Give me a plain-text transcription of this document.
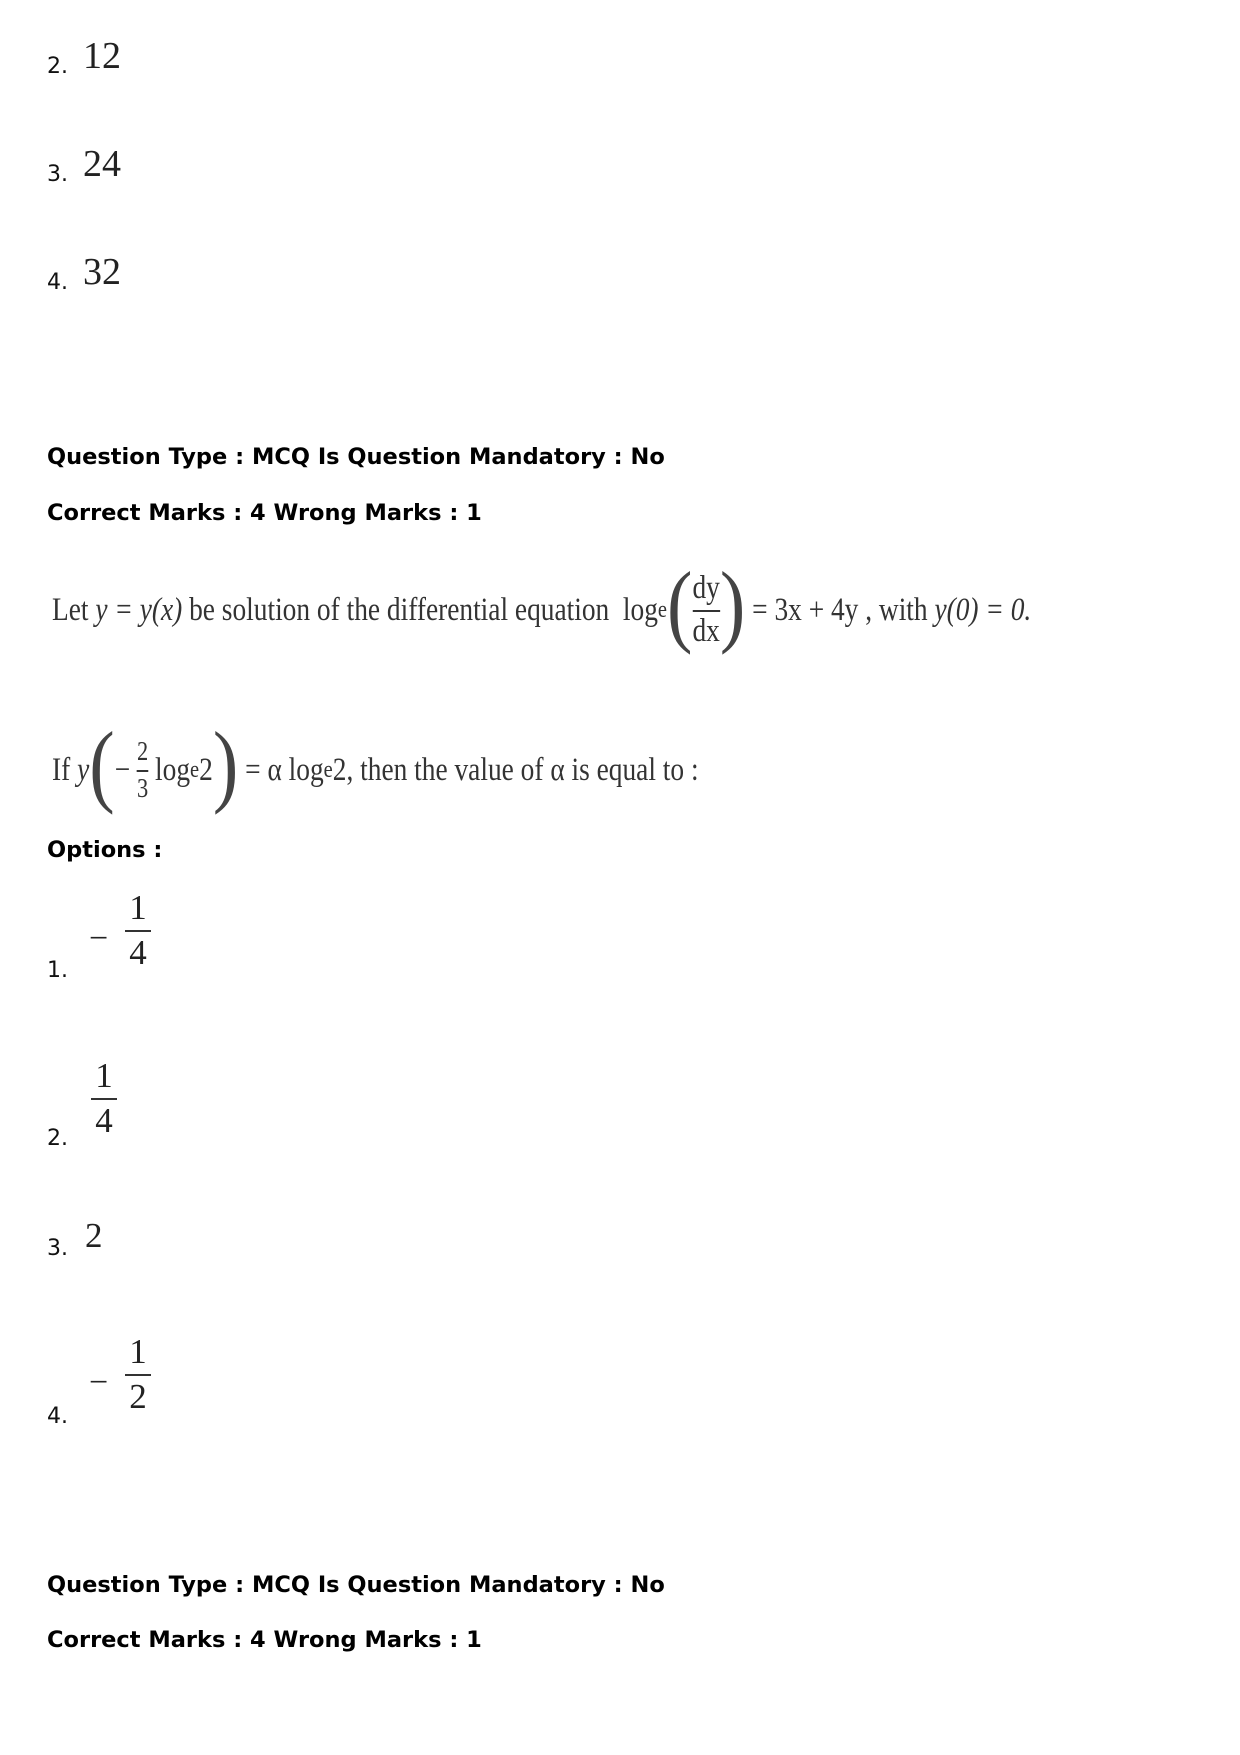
2. 12
3. 24
4. 32
Question Type : MCQ Is Question Mandatory : No
Correct Marks : 4 Wrong Marks : 1
Let
y = y(x)
be solution of the differential equation
log e ( $\frac{dy}{dx}$ )
= 3x + 4y , with
y(0) = 0.
If
y ( −
$\frac{2}{3}$
log e 2 )
= α log e 2 , then the value of α is equal to :
Options :
1.
−
1
4
2.
1
4
3. 2
4.
−
1
2
Question Type : MCQ Is Question Mandatory : No
Correct Marks : 4 Wrong Marks : 1
